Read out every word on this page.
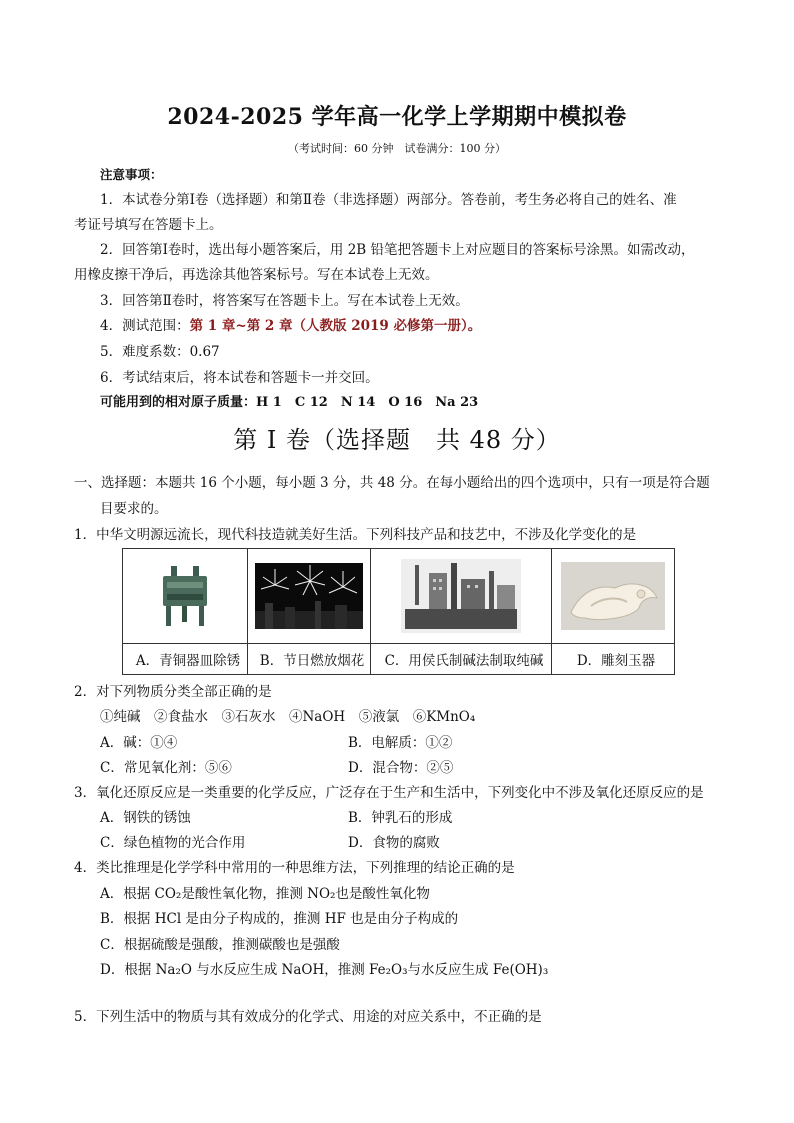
2024-2025 学年高一化学上学期期中模拟卷
（考试时间：60 分钟　试卷满分：100 分）
注意事项：
1．本试卷分第Ⅰ卷（选择题）和第Ⅱ卷（非选择题）两部分。答卷前，考生务必将自己的姓名、准
考证号填写在答题卡上。
2．回答第Ⅰ卷时，选出每小题答案后，用 2B 铅笔把答题卡上对应题目的答案标号涂黑。如需改动，
用橡皮擦干净后，再选涂其他答案标号。写在本试卷上无效。
3．回答第Ⅱ卷时，将答案写在答题卡上。写在本试卷上无效。
4．测试范围：第 1 章~第 2 章（人教版 2019 必修第一册）。
5．难度系数：0.67
6．考试结束后，将本试卷和答题卡一并交回。
可能用到的相对原子质量：H 1　C 12　N 14　O 16　Na 23
第 I 卷（选择题　共 48 分）
一、选择题：本题共 16 个小题，每小题 3 分，共 48 分。在每小题给出的四个选项中，只有一项是符合题
目要求的。
1．中华文明源远流长，现代科技造就美好生活。下列科技产品和技艺中，不涉及化学变化的是

A．青铜器皿除锈	B．节日燃放烟花	C．用侯氏制碱法制取纯碱	D．雕刻玉器
2．对下列物质分类全部正确的是
①纯碱　②食盐水　③石灰水　④NaOH　⑤液氯　⑥KMnO₄
A．碱：①④	B．电解质：①②
C．常见氧化剂：⑤⑥	D．混合物：②⑤
3．氧化还原反应是一类重要的化学反应，广泛存在于生产和生活中，下列变化中不涉及氧化还原反应的是
A．钢铁的锈蚀	B．钟乳石的形成
C．绿色植物的光合作用	D．食物的腐败
4．类比推理是化学学科中常用的一种思维方法，下列推理的结论正确的是
A．根据 CO₂是酸性氧化物，推测 NO₂也是酸性氧化物
B．根据 HCl 是由分子构成的，推测 HF 也是由分子构成的
C．根据硫酸是强酸，推测碳酸也是强酸
D．根据 Na₂O 与水反应生成 NaOH，推测 Fe₂O₃与水反应生成 Fe(OH)₃
5．下列生活中的物质与其有效成分的化学式、用途的对应关系中，不正确的是
